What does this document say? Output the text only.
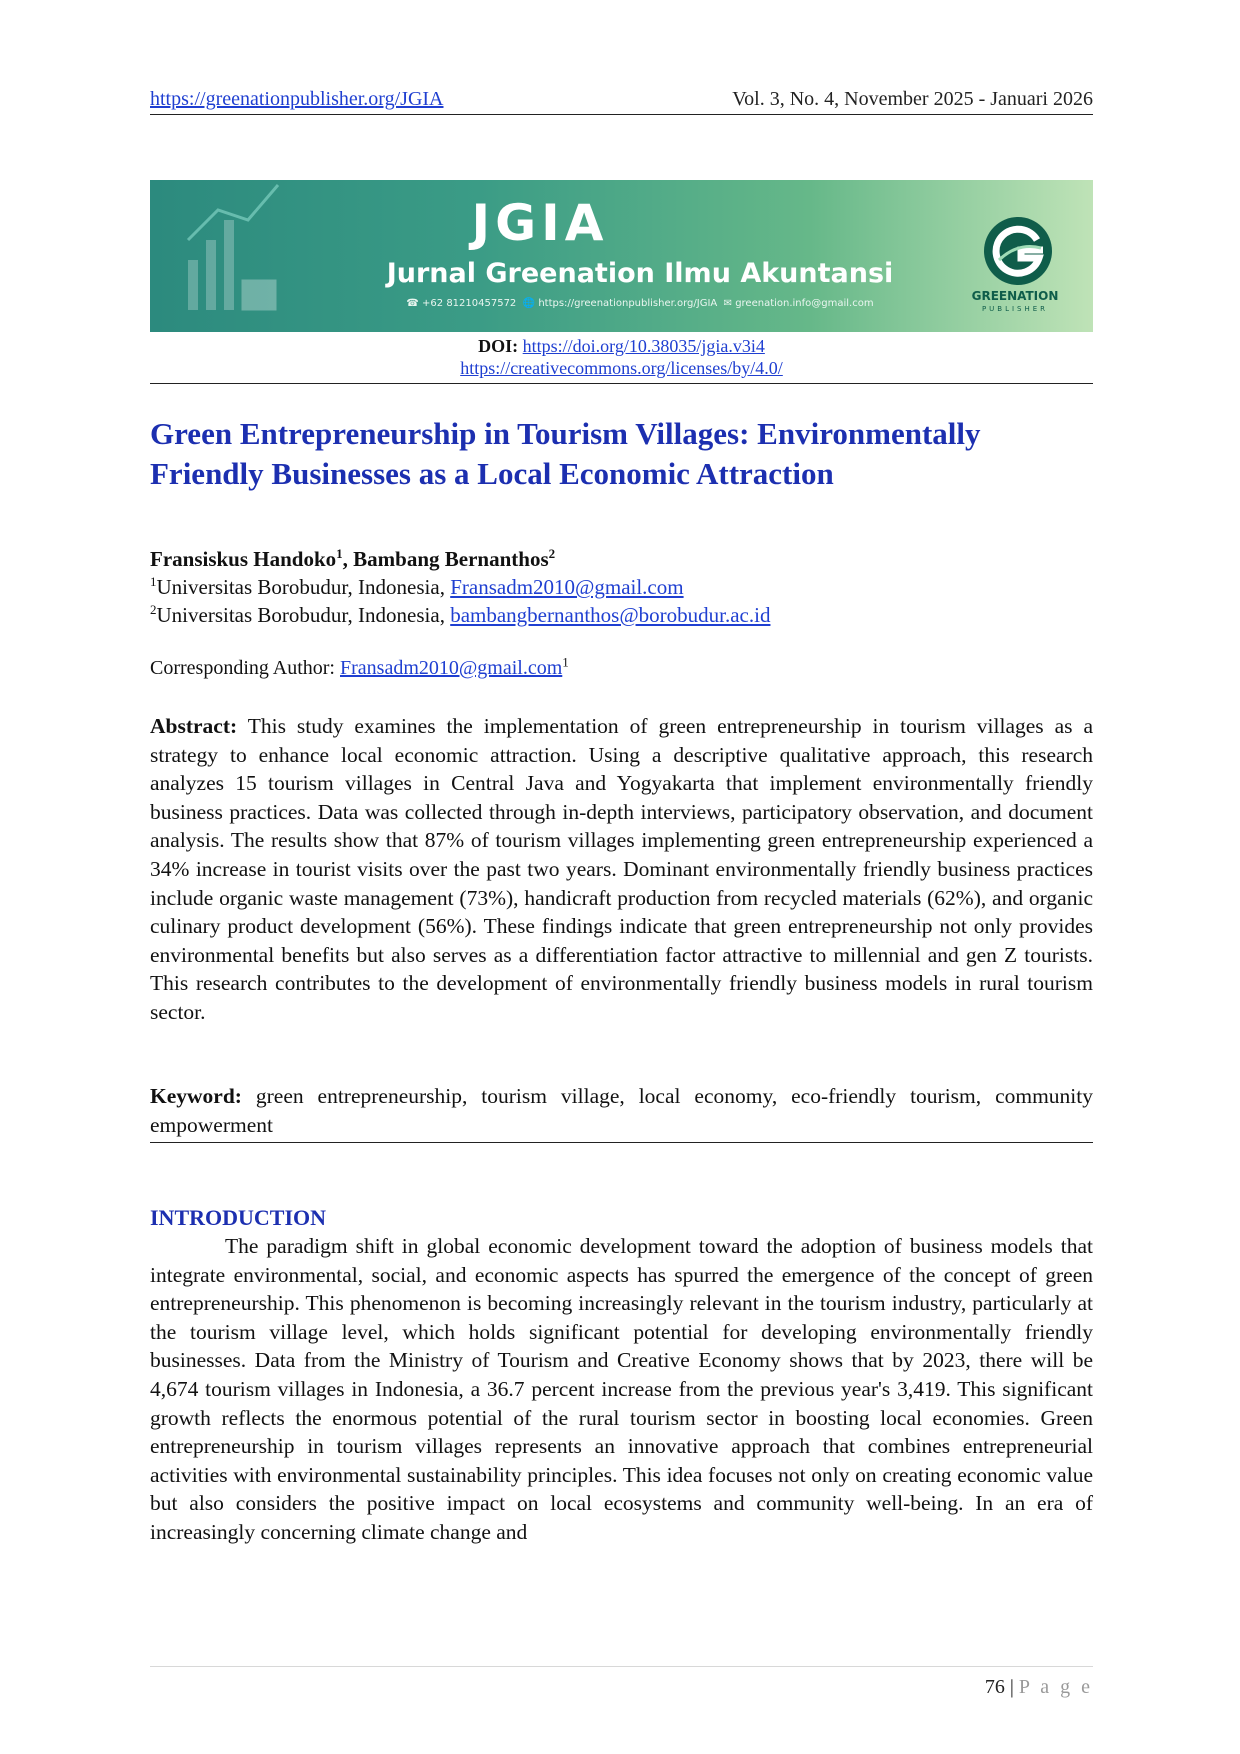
https://greenationpublisher.org/JGIA	Vol. 3, No. 4, November 2025 - Januari 2026
JGIA
Jurnal Greenation Ilmu Akuntansi
☎ +62 81210457572 🌐 https://greenationpublisher.org/JGIA ✉ greenation.info@gmail.com
GREENATION
PUBLISHER
DOI: https://doi.org/10.38035/jgia.v3i4
https://creativecommons.org/licenses/by/4.0/
Green Entrepreneurship in Tourism Villages: Environmentally Friendly Businesses as a Local Economic Attraction
Fransiskus Handoko$^1$, Bambang Bernanthos$^2$
$^1$Universitas Borobudur, Indonesia, Fransadm2010@gmail.com
$^2$Universitas Borobudur, Indonesia, bambangbernanthos@borobudur.ac.id
Corresponding Author: Fransadm2010@gmail.com$^1$
Abstract: This study examines the implementation of green entrepreneurship in tourism villages as a strategy to enhance local economic attraction. Using a descriptive qualitative approach, this research analyzes 15 tourism villages in Central Java and Yogyakarta that implement environmentally friendly business practices. Data was collected through in-depth interviews, participatory observation, and document analysis. The results show that 87% of tourism villages implementing green entrepreneurship experienced a 34% increase in tourist visits over the past two years. Dominant environmentally friendly business practices include organic waste management (73%), handicraft production from recycled materials (62%), and organic culinary product development (56%). These findings indicate that green entrepreneurship not only provides environmental benefits but also serves as a differentiation factor attractive to millennial and gen Z tourists. This research contributes to the development of environmentally friendly business models in rural tourism sector.
Keyword: green entrepreneurship, tourism village, local economy, eco-friendly tourism, community empowerment
INTRODUCTION
The paradigm shift in global economic development toward the adoption of business models that integrate environmental, social, and economic aspects has spurred the emergence of the concept of green entrepreneurship. This phenomenon is becoming increasingly relevant in the tourism industry, particularly at the tourism village level, which holds significant potential for developing environmentally friendly businesses. Data from the Ministry of Tourism and Creative Economy shows that by 2023, there will be 4,674 tourism villages in Indonesia, a 36.7 percent increase from the previous year's 3,419. This significant growth reflects the enormous potential of the rural tourism sector in boosting local economies. Green entrepreneurship in tourism villages represents an innovative approach that combines entrepreneurial activities with environmental sustainability principles. This idea focuses not only on creating economic value but also considers the positive impact on local ecosystems and community well-being. In an era of increasingly concerning climate change and
76 | P a g e
